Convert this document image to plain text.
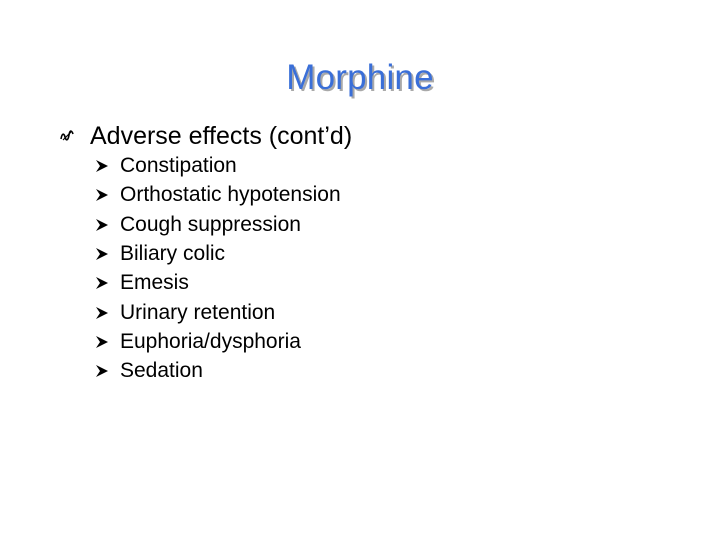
Morphine
Adverse effects (cont’d)
Constipation
Orthostatic hypotension
Cough suppression
Biliary colic
Emesis
Urinary retention
Euphoria/dysphoria
Sedation
